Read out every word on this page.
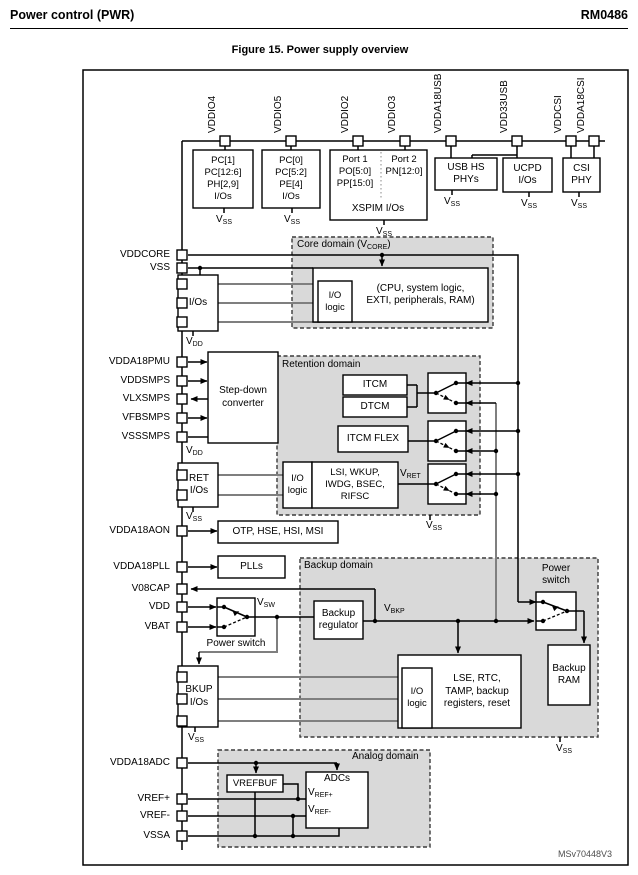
Power control (PWR)	RM0486
Figure 15. Power supply overview
VDDIO4	VDDIO5	VDDIO2	VDDIO3	VDDA18USB	VDD33USB	VDDCSI VDDA18CSI
VDDCORE
VSS
VDDA18PMU
VDDSMPS
VLXSMPS
VFBSMPS
VSSSMPS
VDDA18AON
VDDA18PLL
V08CAP
VDD
VBAT
VDDA18ADC
VREF+
VREF-
VSSA
PC[1]
PC[12:6]
PH[2,9]
I/Os
PC[0]
PC[5:2]
PE[4]
I/Os
Port 1
PO[5:0]
PP[15:0]
Port 2
PN[12:0]
XSPIM I/Os
USB HS
PHYs
UCPD
I/Os
CSI
PHY
Core domain $(V_{CORE})$
Retention domain
Backup domain
Analog domain
I/Os
I/O
logic
(CPU, system logic,
EXTI, peripherals, RAM)
Step-down
converter
ITCM
DTCM
ITCM FLEX
I/O
logic
LSI, WKUP,
IWDG, BSEC,
RIFSC
RET
I/Os
OTP, HSE, HSI, MSI
PLLs
Power switch
Backup
regulator
Power
switch
Backup
RAM
I/O
logic
LSE, RTC,
TAMP, backup
registers, reset
BKUP
I/Os
VREFBUF	ADCs
$V_{REF+}$
$V_{REF-}$
$V_{SW}$	$V_{BKP}$
$V_{RET}$
$V_{DD}$
$V_{DD}$
$V_{SS}$	$V_{SS}$
$V_{SS}$
$V_{SS}$	$V_{SS}$	$V_{SS}$
$V_{SS}$
$V_{SS}$
$V_{SS}$
$V_{SS}$
MSv70448V3
